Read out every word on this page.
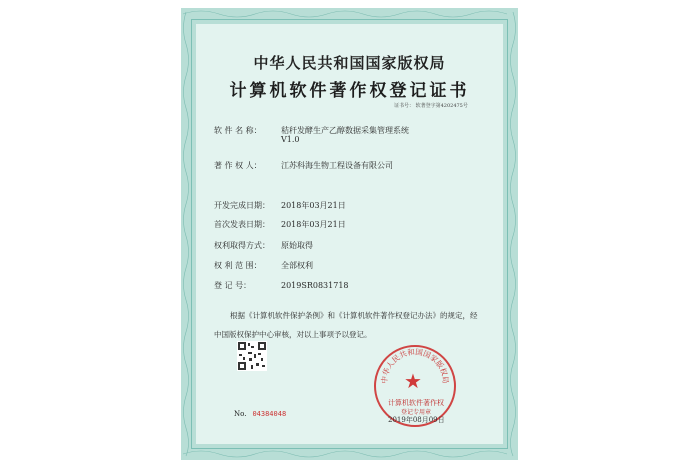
中华人民共和国国家版权局
计算机软件著作权登记证书
证书号： 软著登字第4202475号
软 件 名 称： 秸秆发酵生产乙醇数据采集管理系统
V1.0
著 作 权 人： 江苏科海生物工程设备有限公司
开发完成日期： 2018年03月21日
首次发表日期： 2018年03月21日
权利取得方式： 原始取得
权 利 范 围： 全部权利
登 记 号：	2019SR0831718
根据《计算机软件保护条例》和《计算机软件著作权登记办法》的规定，经中国版权保护中心审核，对以上事项予以登记。
中华人民共和国国家版权局
★
计算机软件著作权
登记专用章
2019年08月09日
No. 04384048
